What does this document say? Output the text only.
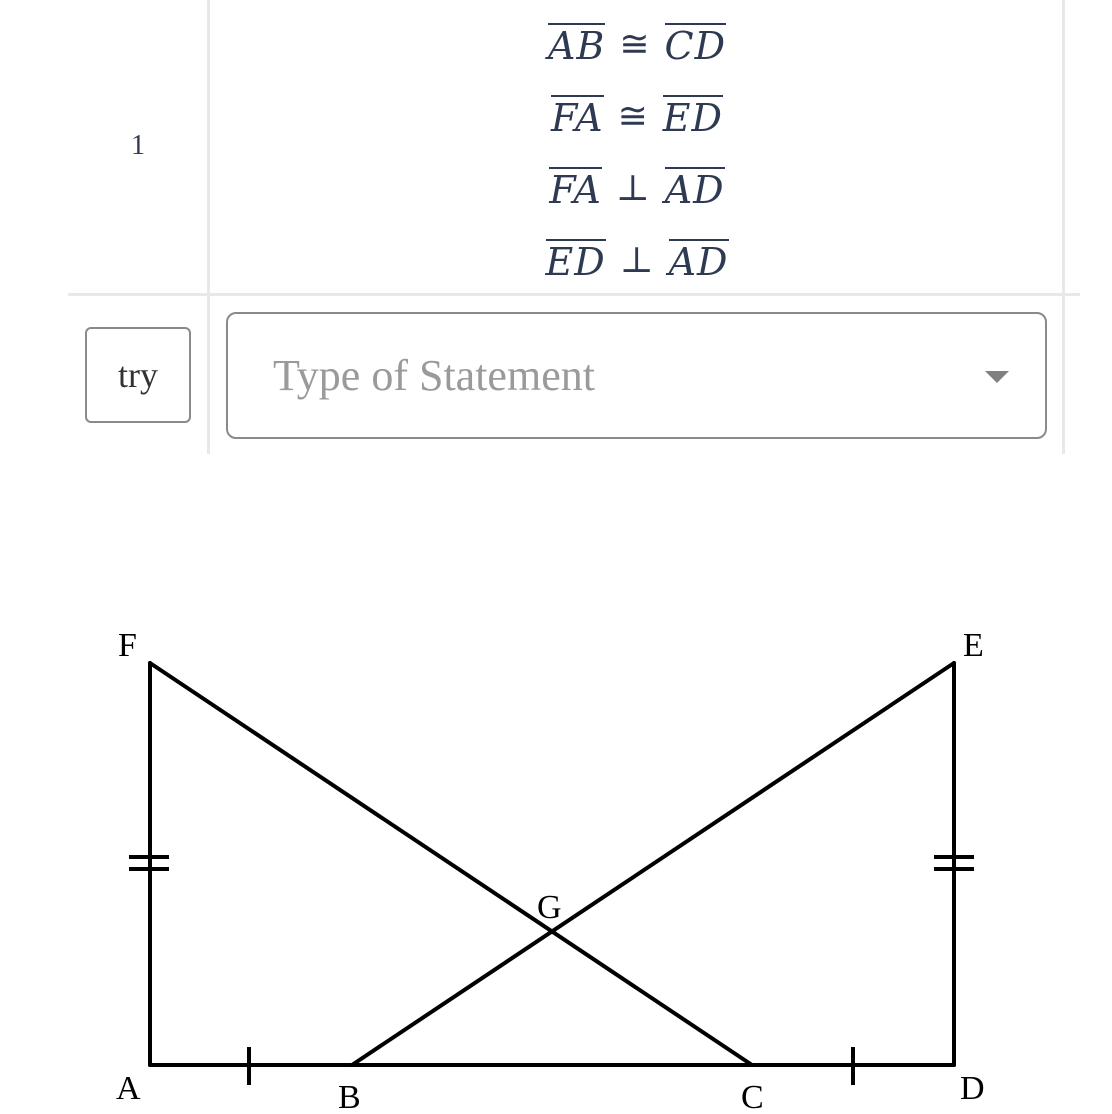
1
AB ≅ CD
FA ≅ ED
FA ⊥ AD
ED ⊥ AD
try	Type of Statement
F	E
G
A	B	C	D
